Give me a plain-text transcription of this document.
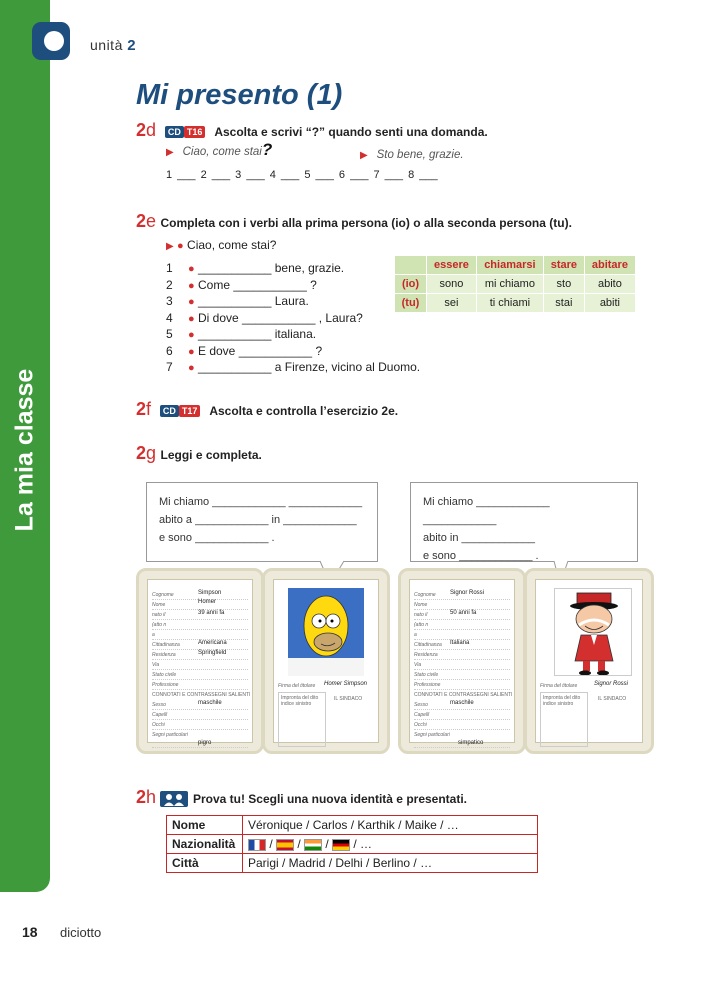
La mia classe
unità 2
Mi presento (1)
2d CD T16 Ascolta e scrivi “?” quando senti una domanda.
▶ Ciao, come stai?	▶ Sto bene, grazie.
1 ___ 2 ___ 3 ___ 4 ___ 5 ___ 6 ___ 7 ___ 8 ___
2e Completa con i verbi alla prima persona (io) o alla seconda persona (tu).
▶ ● Ciao, come stai?
1 ● ___________ bene, grazie.
2 ● Come ___________ ?
3 ● ___________ Laura.
4 ● Di dove ___________ , Laura?
5 ● ___________ italiana.
6 ● E dove ___________ ?
7 ● ___________ a Firenze, vicino al Duomo.
	essere	chiamarsi	stare	abitare
(io)	sono	mi chiamo	sto	abito
(tu)	sei	ti chiami	stai	abiti
2f CD T17 Ascolta e controlla l’esercizio 2e.
2g Leggi e completa.
Mi chiamo ____________ ____________
abito a ____________ in ____________
e sono ____________ .
Mi chiamo ____________ ____________
abito in ____________
e sono ____________ .
Cognome	Simpson
Nome	Homer
nato il	39 anni fa
(atto n
a
Cittadinanza	Americana
Residenza	Springfield
Via
Stato civile
Professione
CONNOTATI E CONTRASSEGNI SALIENTI
Sesso	maschile
Capelli
Occhi
Segni particolari
pigro
Firma del titolare Homer Simpson
Impronta del dito indice sinistro
IL SINDACO
Cognome Signor Rossi
Nome
nato il	50 anni fa
(atto n
a
Cittadinanza Italiana
Residenza
Via
Stato civile
Professione
CONNOTATI E CONTRASSEGNI SALIENTI
Sesso	maschile
Capelli
Occhi
Segni particolari
simpatico
Firma del titolare	Signor Rossi
Impronta del dito indice sinistro
IL SINDACO
2h	Prova tu! Scegli una nuova identità e presentati.
Nome	Véronique / Carlos / Karthik / Maike / …
Nazionalità	/  /  /  / …
Città	Parigi / Madrid / Delhi / Berlino / …
18 diciotto
